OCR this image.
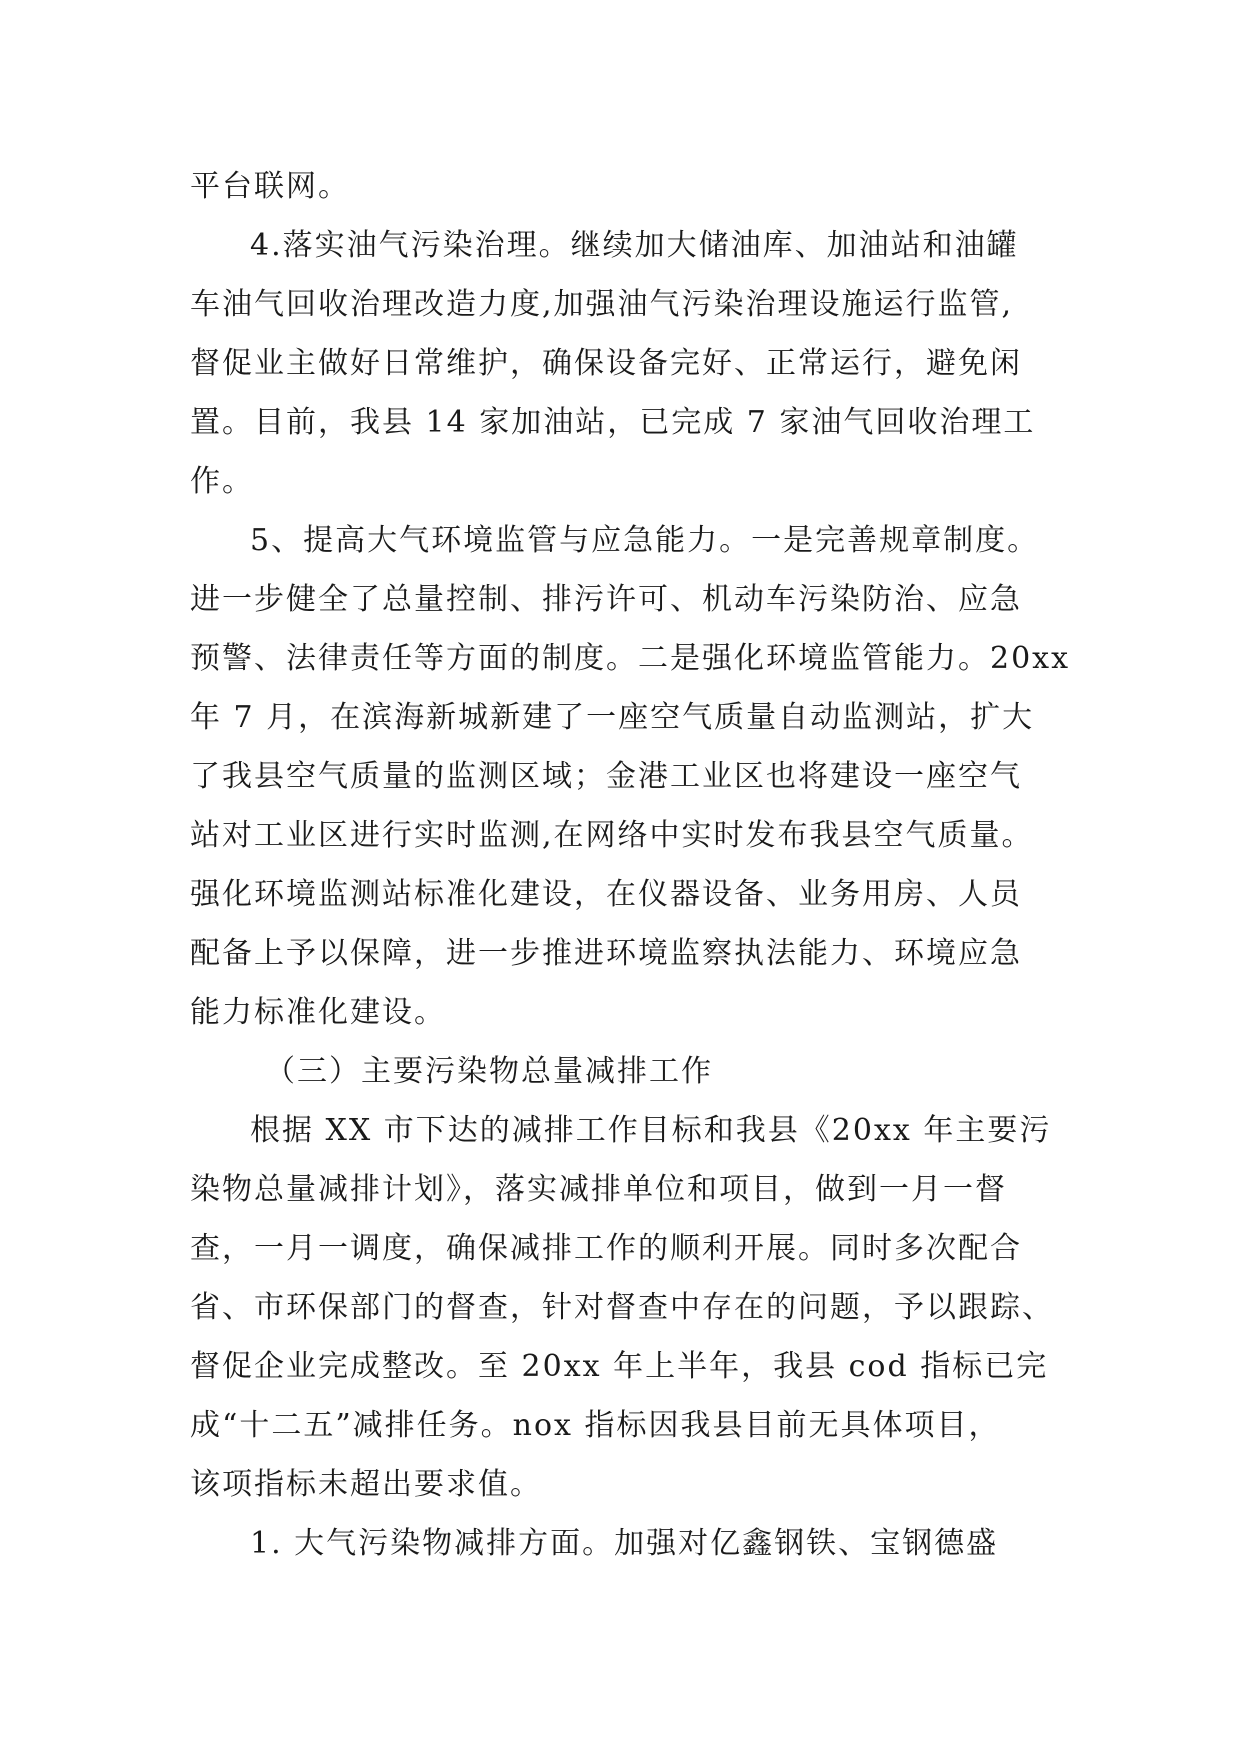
平台联网。
4.落实油气污染治理。继续加大储油库、加油站和油罐
车油气回收治理改造力度,加强油气污染治理设施运行监管,
督促业主做好日常维护，确保设备完好、正常运行，避免闲
置。目前，我县 14 家加油站，已完成 7 家油气回收治理工
作。
5、提高大气环境监管与应急能力。一是完善规章制度。
进一步健全了总量控制、排污许可、机动车污染防治、应急
预警、法律责任等方面的制度。二是强化环境监管能力。20xx
年 7 月，在滨海新城新建了一座空气质量自动监测站，扩大
了我县空气质量的监测区域；金港工业区也将建设一座空气
站对工业区进行实时监测,在网络中实时发布我县空气质量。
强化环境监测站标准化建设，在仪器设备、业务用房、人员
配备上予以保障，进一步推进环境监察执法能力、环境应急
能力标准化建设。
（三）主要污染物总量减排工作
根据 XX 市下达的减排工作目标和我县《20xx 年主要污
染物总量减排计划》，落实减排单位和项目，做到一月一督
查，一月一调度，确保减排工作的顺利开展。同时多次配合
省、市环保部门的督查，针对督查中存在的问题，予以跟踪、
督促企业完成整改。至 20xx 年上半年，我县 cod 指标已完
成“十二五”减排任务。nox 指标因我县目前无具体项目，
该项指标未超出要求值。
1. 大气污染物减排方面。加强对亿鑫钢铁、宝钢德盛
